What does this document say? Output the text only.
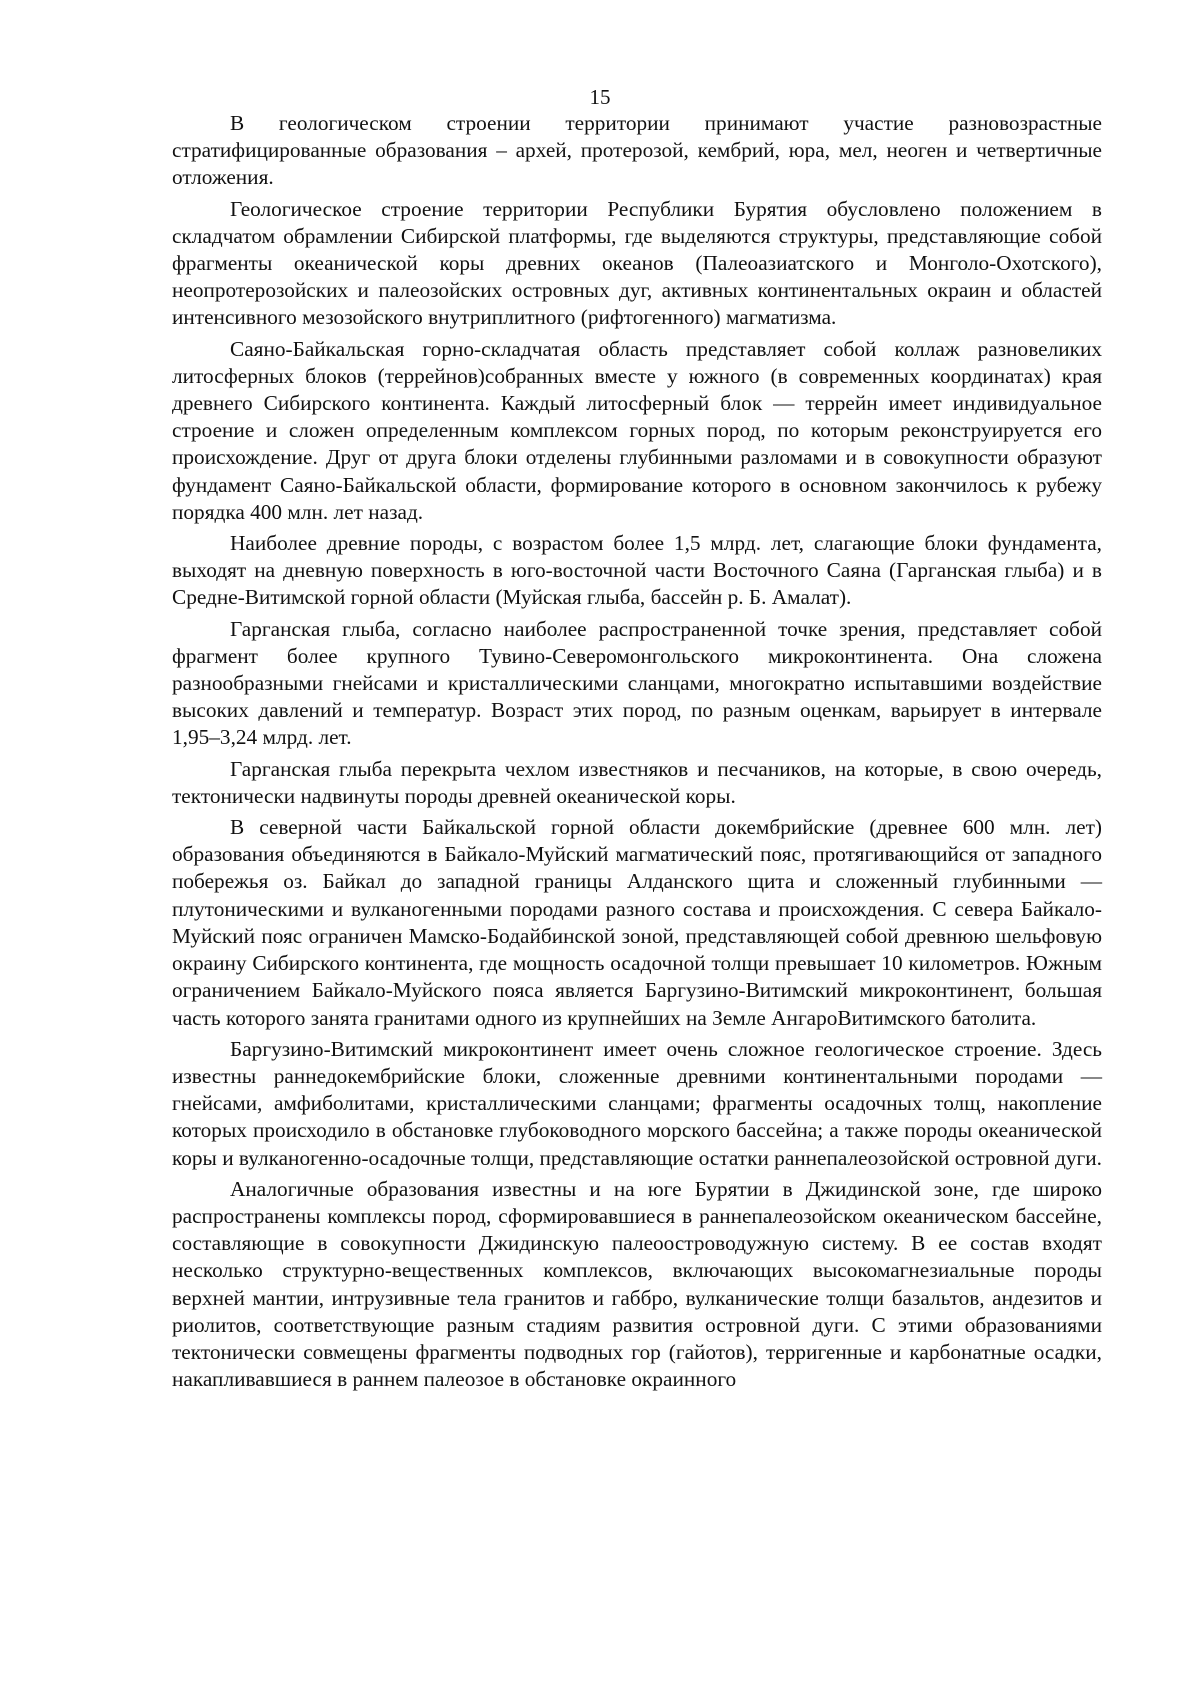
15

В геологическом строении территории принимают участие разновозрастные стратифицированные образования – архей, протерозой, кембрий, юра, мел, неоген и четвертичные отложения.

Геологическое строение территории Республики Бурятия обусловлено положением в складчатом обрамлении Сибирской платформы, где выделяются структуры, представляющие собой фрагменты океанической коры древних океанов (Палеоазиатского и Монголо-Охотского), неопротерозойских и палеозойских островных дуг, активных континентальных окраин и областей интенсивного мезозойского внутриплитного (рифтогенного) магматизма.

Саяно-Байкальская горно-складчатая область представляет собой коллаж разновеликих литосферных блоков (террейнов)собранных вместе у южного (в современных координатах) края древнего Сибирского континента. Каждый литосферный блок — террейн имеет индивидуальное строение и сложен определенным комплексом горных пород, по которым реконструируется его происхождение. Друг от друга блоки отделены глубинными разломами и в совокупности образуют фундамент Саяно-Байкальской области, формирование которого в основном закончилось к рубежу порядка 400 млн. лет назад.

Наиболее древние породы, с возрастом более 1,5 млрд. лет, слагающие блоки фундамента, выходят на дневную поверхность в юго-восточной части Восточного Саяна (Гарганская глыба) и в Средне-Витимской горной области (Муйская глыба, бассейн р. Б. Амалат).

Гарганская глыба, согласно наиболее распространенной точке зрения, представляет собой фрагмент более крупного Тувино-Северомонгольского микроконтинента. Она сложена разнообразными гнейсами и кристаллическими сланцами, многократно испытавшими воздействие высоких давлений и температур. Возраст этих пород, по разным оценкам, варьирует в интервале 1,95–3,24 млрд. лет.

Гарганская глыба перекрыта чехлом известняков и песчаников, на которые, в свою очередь, тектонически надвинуты породы древней океанической коры.

В северной части Байкальской горной области докембрийские (древнее 600 млн. лет) образования объединяются в Байкало-Муйский магматический пояс, протягивающийся от западного побережья оз. Байкал до западной границы Алданского щита и сложенный глубинными — плутоническими и вулканогенными породами разного состава и происхождения. С севера Байкало-Муйский пояс ограничен Мамско-Бодайбинской зоной, представляющей собой древнюю шельфовую окраину Сибирского континента, где мощность осадочной толщи превышает 10 километров. Южным ограничением Байкало-Муйского пояса является Баргузино-Витимский микроконтинент, большая часть которого занята гранитами одного из крупнейших на Земле АнгароВитимского батолита.

Баргузино-Витимский микроконтинент имеет очень сложное геологическое строение. Здесь известны раннедокембрийские блоки, сложенные древними континентальными породами — гнейсами, амфиболитами, кристаллическими сланцами; фрагменты осадочных толщ, накопление которых происходило в обстановке глубоководного морского бассейна; а также породы океанической коры и вулканогенно-осадочные толщи, представляющие остатки раннепалеозойской островной дуги.

Аналогичные образования известны и на юге Бурятии в Джидинской зоне, где широко распространены комплексы пород, сформировавшиеся в раннепалеозойском океаническом бассейне, составляющие в совокупности Джидинскую палеоостроводужную систему. В ее состав входят несколько структурно-вещественных комплексов, включающих высокомагнезиальные породы верхней мантии, интрузивные тела гранитов и габбро, вулканические толщи базальтов, андезитов и риолитов, соответствующие разным стадиям развития островной дуги. С этими образованиями тектонически совмещены фрагменты подводных гор (гайотов), терригенные и карбонатные осадки, накапливавшиеся в раннем палеозое в обстановке окраинного
